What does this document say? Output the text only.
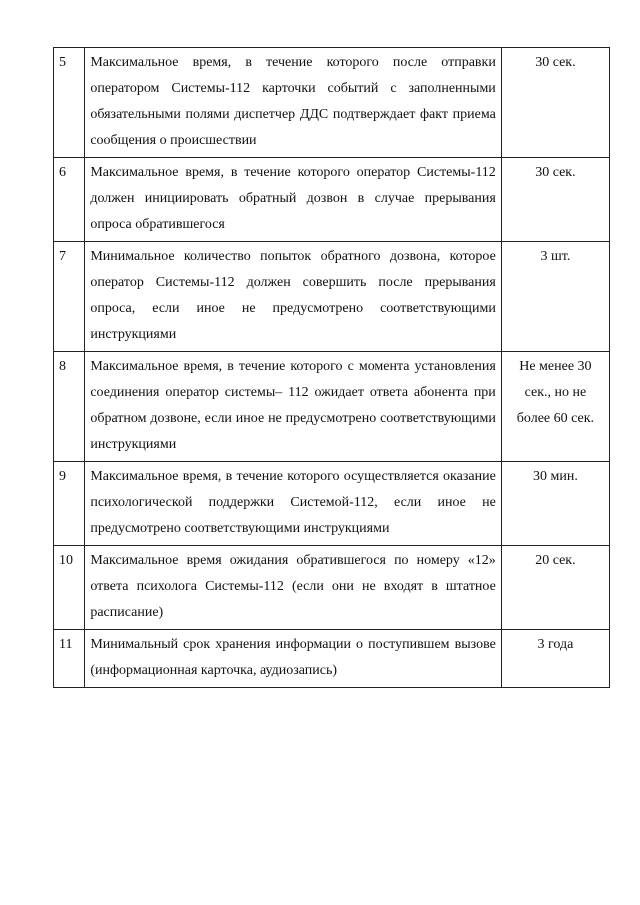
5	Максимальное время, в течение которого после отправки оператором Системы-112 карточки событий с заполненными обязательными полями диспетчер ДДС подтверждает факт приема сообщения о происшествии	30 сек.
6	Максимальное время, в течение которого оператор Системы-112 должен инициировать обратный дозвон в случае прерывания опроса обратившегося	30 сек.
7	Минимальное количество попыток обратного дозвона, которое оператор Системы-112 должен совершить после прерывания опроса, если иное не предусмотрено соответствующими инструкциями	3 шт.
8	Максимальное время, в течение которого с момента установления соединения оператор системы– 112 ожидает ответа абонента при обратном дозвоне, если иное не предусмотрено соответствующими инструкциями	Не менее 30 сек., но не более 60 сек.
9	Максимальное время, в течение которого осуществляется оказание психологической поддержки Системой-112, если иное не предусмотрено соответствующими инструкциями	30 мин.
10	Максимальное время ожидания обратившегося по номеру «12» ответа психолога Системы-112 (если они не входят в штатное расписание)	20 сек.
11	Минимальный срок хранения информации о поступившем вызове (информационная карточка, аудиозапись)	3 года
